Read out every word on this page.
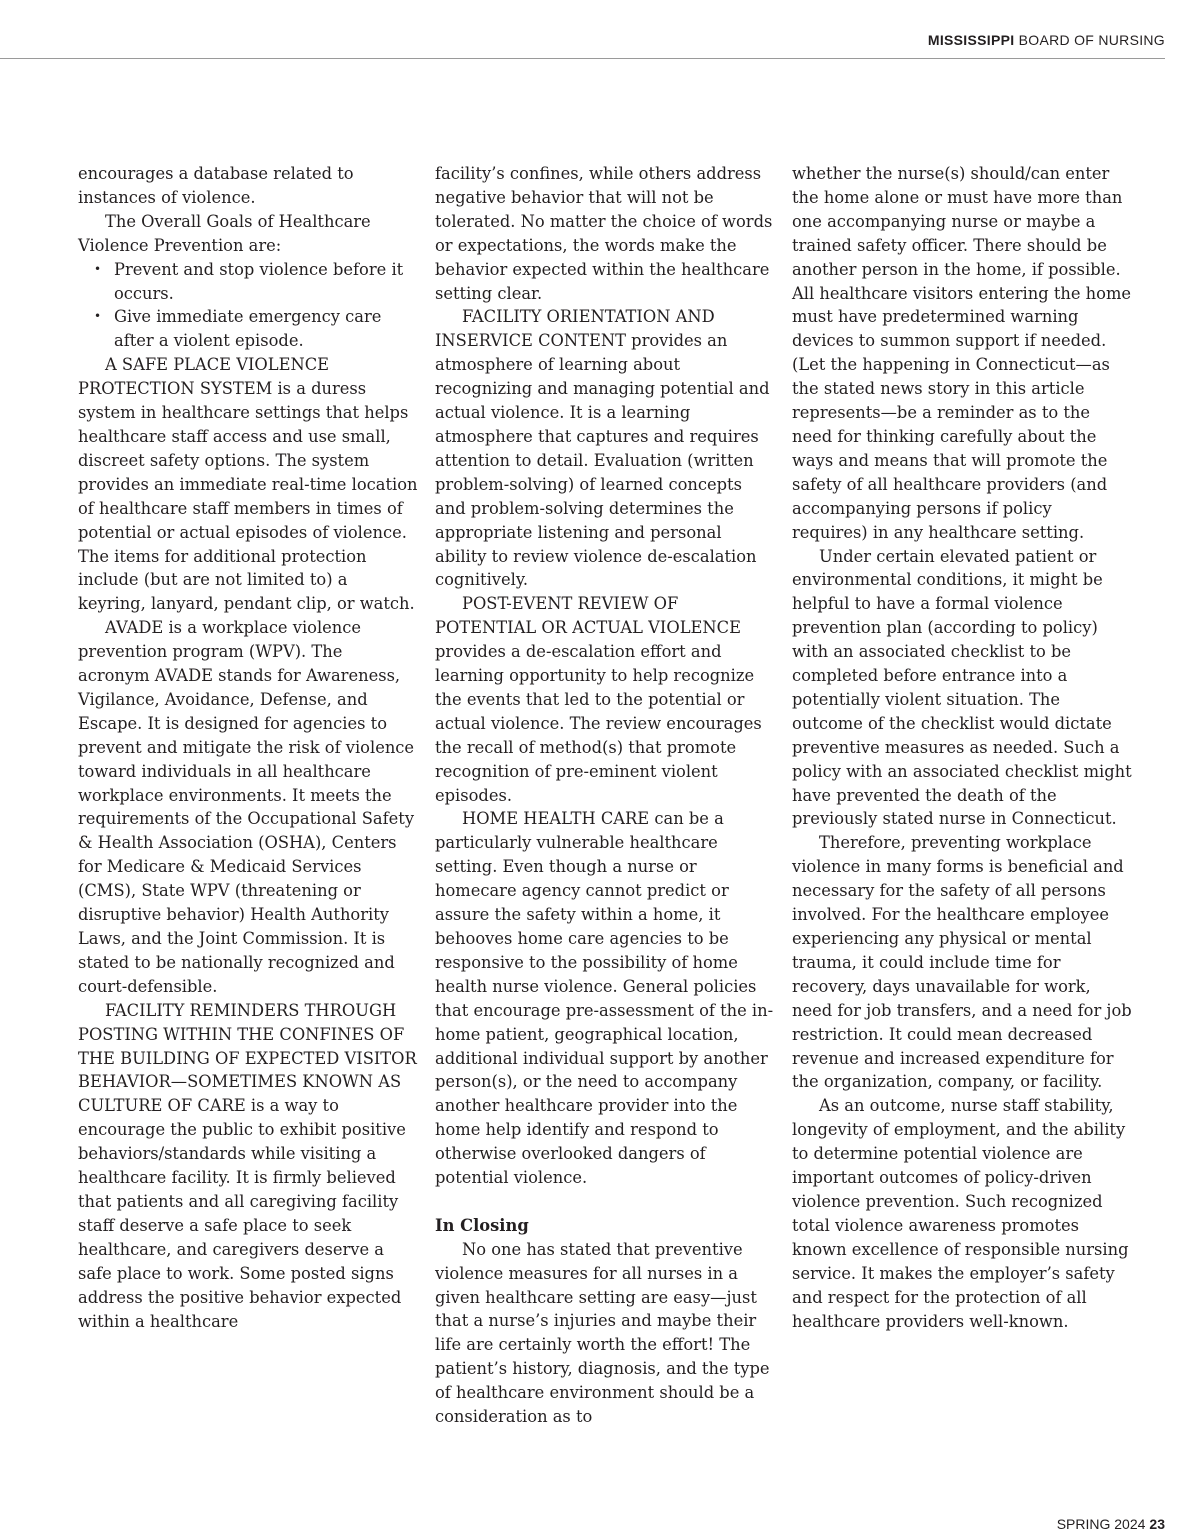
MISSISSIPPI BOARD OF NURSING

encourages a database related to instances of violence.

The Overall Goals of Healthcare Violence Prevention are:

• Prevent and stop violence before it occurs.

• Give immediate emergency care after a violent episode.

A SAFE PLACE VIOLENCE PROTECTION SYSTEM is a duress system in healthcare settings that helps healthcare staff access and use small, discreet safety options. The system provides an immediate real-time location of healthcare staff members in times of potential or actual episodes of violence. The items for additional protection include (but are not limited to) a keyring, lanyard, pendant clip, or watch.

AVADE is a workplace violence prevention program (WPV). The acronym AVADE stands for Awareness, Vigilance, Avoidance, Defense, and Escape. It is designed for agencies to prevent and mitigate the risk of violence toward individuals in all healthcare workplace environments. It meets the requirements of the Occupational Safety & Health Association (OSHA), Centers for Medicare & Medicaid Services (CMS), State WPV (threatening or disruptive behavior) Health Authority Laws, and the Joint Commission. It is stated to be nationally recognized and court-defensible.

FACILITY REMINDERS THROUGH POSTING WITHIN THE CONFINES OF THE BUILDING OF EXPECTED VISITOR BEHAVIOR—SOMETIMES KNOWN AS CULTURE OF CARE is a way to encourage the public to exhibit positive behaviors/standards while visiting a healthcare facility. It is firmly believed that patients and all caregiving facility staff deserve a safe place to seek healthcare, and caregivers deserve a safe place to work. Some posted signs address the positive behavior expected within a healthcare

facility’s confines, while others address negative behavior that will not be tolerated. No matter the choice of words or expectations, the words make the behavior expected within the healthcare setting clear.

FACILITY ORIENTATION AND INSERVICE CONTENT provides an atmosphere of learning about recognizing and managing potential and actual violence. It is a learning atmosphere that captures and requires attention to detail. Evaluation (written problem-solving) of learned concepts and problem-solving determines the appropriate listening and personal ability to review violence de-escalation cognitively.

POST-EVENT REVIEW OF POTENTIAL OR ACTUAL VIOLENCE provides a de-escalation effort and learning opportunity to help recognize the events that led to the potential or actual violence. The review encourages the recall of method(s) that promote recognition of pre-eminent violent episodes.

HOME HEALTH CARE can be a particularly vulnerable healthcare setting. Even though a nurse or homecare agency cannot predict or assure the safety within a home, it behooves home care agencies to be responsive to the possibility of home health nurse violence. General policies that encourage pre-assessment of the in-home patient, geographical location, additional individual support by another person(s), or the need to accompany another healthcare provider into the home help identify and respond to otherwise overlooked dangers of potential violence.

In Closing

No one has stated that preventive violence measures for all nurses in a given healthcare setting are easy—just that a nurse’s injuries and maybe their life are certainly worth the effort! The patient’s history, diagnosis, and the type of healthcare environment should be a consideration as to

whether the nurse(s) should/can enter the home alone or must have more than one accompanying nurse or maybe a trained safety officer. There should be another person in the home, if possible. All healthcare visitors entering the home must have predetermined warning devices to summon support if needed. (Let the happening in Connecticut—as the stated news story in this article represents—be a reminder as to the need for thinking carefully about the ways and means that will promote the safety of all healthcare providers (and accompanying persons if policy requires) in any healthcare setting.

Under certain elevated patient or environmental conditions, it might be helpful to have a formal violence prevention plan (according to policy) with an associated checklist to be completed before entrance into a potentially violent situation. The outcome of the checklist would dictate preventive measures as needed. Such a policy with an associated checklist might have prevented the death of the previously stated nurse in Connecticut.

Therefore, preventing workplace violence in many forms is beneficial and necessary for the safety of all persons involved. For the healthcare employee experiencing any physical or mental trauma, it could include time for recovery, days unavailable for work, need for job transfers, and a need for job restriction. It could mean decreased revenue and increased expenditure for the organization, company, or facility.

As an outcome, nurse staff stability, longevity of employment, and the ability to determine potential violence are important outcomes of policy-driven violence prevention. Such recognized total violence awareness promotes known excellence of responsible nursing service. It makes the employer’s safety and respect for the protection of all healthcare providers well-known.

SPRING 2024 23
